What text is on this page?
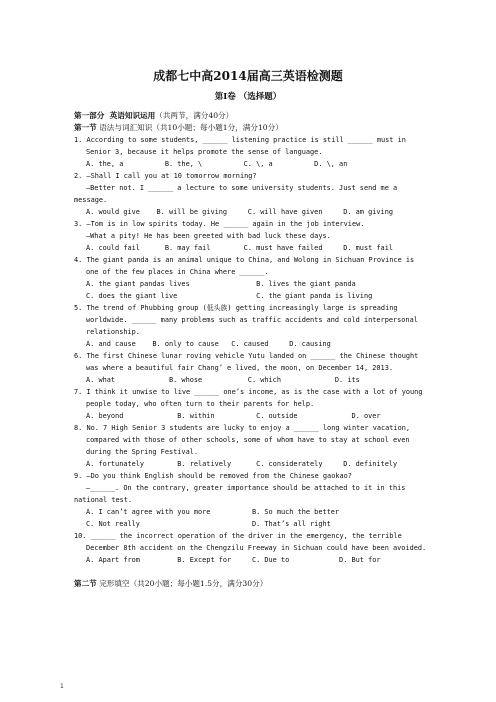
成都七中高2014届高三英语检测题
第Ⅰ卷 （选择题）
第一部分  英语知识运用（共两节，满分40分）
第一节 语法与词汇知识（共10小题；每小题1分，满分10分）
1. According to some students, ______ listening practice is still ______ must in
Senior 3, because it helps promote the sense of language.
A. the, a          B. the, \          C. \, a          D. \, an
2. —Shall I call you at 10 tomorrow morning?
—Better not. I ______ a lecture to some university students. Just send me a
message.
A. would give    B. will be giving     C. will have given     D. am giving
3. —Tom is in low spirits today. He ______ again in the job interview.
—What a pity! He has been greeted with bad luck these days.
A. could fail      B. may fail        C. must have failed     D. must fail
4. The giant panda is an animal unique to China, and Wolong in Sichuan Province is
one of the few places in China where ______.
A. the giant pandas lives                B. lives the giant panda
C. does the giant live                   C. the giant panda is living
5. The trend of Phubbing group (低头族) getting increasingly large is spreading
worldwide. ______ many problems such as traffic accidents and cold interpersonal
relationship.
A. and cause    B. only to cause   C. caused     D. causing
6. The first Chinese lunar roving vehicle Yutu landed on ______ the Chinese thought
was where a beautiful fair Chang’ e lived, the moon, on December 14, 2013.
A. what             B. whose           C. which             D. its
7. I think it unwise to live ______ one’s income, as is the case with a lot of young
people today, who often turn to their parents for help.
A. beyond             B. within          C. outside             D. over
8. No. 7 High Senior 3 students are lucky to enjoy a ______ long winter vacation,
compared with those of other schools, some of whom have to stay at school even
during the Spring Festival.
A. fortunately        B. relatively      C. considerately     D. definitely
9. —Do you think English should be removed from the Chinese gaokao?
—______. On the contrary, greater importance should be attached to it in this
national test.
A. I can’t agree with you more          B. So much the better
C. Not really                           D. That’s all right
10. ______ the incorrect operation of the driver in the emergency, the terrible
December 8th accident on the Chengzilu Freeway in Sichuan could have been avoided.
A. Apart from         B. Except for     C. Due to            D. But for
第二节 完形填空（共20小题；每小题1.5分，满分30分）
1
